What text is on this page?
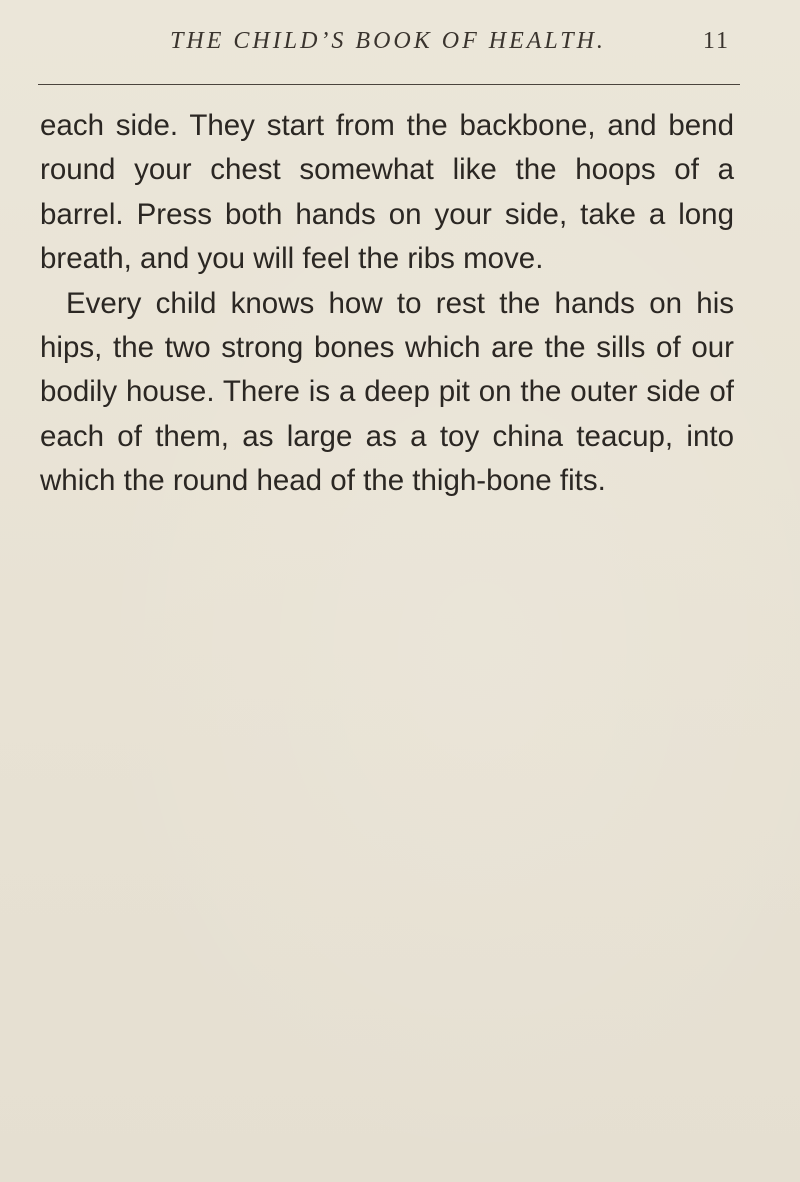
THE CHILD’S BOOK OF HEALTH.	11

each side. They start from the backbone, and bend round your chest somewhat like the hoops of a barrel. Press both hands on your side, take a long breath, and you will feel the ribs move.

Every child knows how to rest the hands on his hips, the two strong bones which are the sills of our bodily house. There is a deep pit on the outer side of each of them, as large as a toy china teacup, into which the round head of the thigh-bone fits.
